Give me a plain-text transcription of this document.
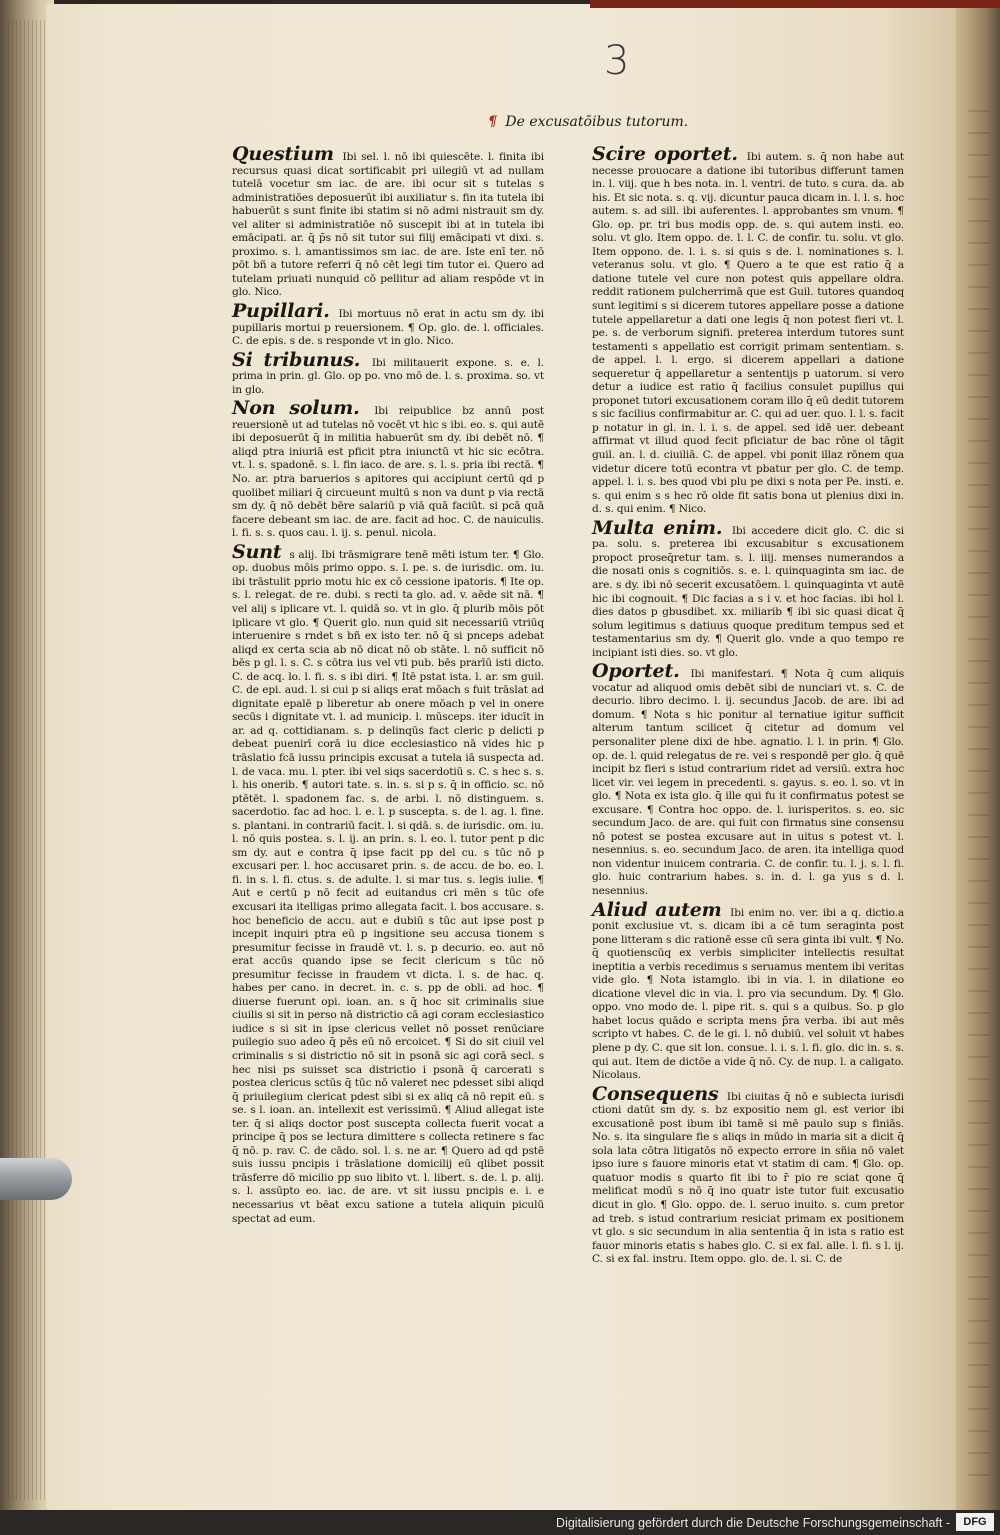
3
¶ De excusatōibus tutorum.

Questium Ibi sel. l. nō ibi quiescēte. l. finita ibi recursus quasi dicat sortificabit pri uilegiū vt ad nullam tutelā vocetur sm iac. de are. ibi ocur sit s tutelas s administratiōes deposuerūt ibi auxiliatur s. fin ita tutela ibi habuerūt s sunt finite ibi statim si nō admi nistrauit sm dy. vel aliter si administratiōe nō suscepit ibi at in tutela ibi emācipati. ar. q̄ p̄s nō sit tutor sui filij emācipati vt dixi. s. proximo. s. l. amantissimos sm iac. de are. Iste enī ter. nō pōt bñ a tutore referri q̄ nō cēt legi tim tutor ei. Quero ad tutelam priuati nunquid cō pellitur ad aliam respōde vt in glo. Nico.

Pupillari. Ibi mortuus nō erat in actu sm dy. ibi pupillaris mortui p reuersionem. ¶ Op. glo. de. l. officiales. C. de epis. s de. s responde vt in glo. Nico.

Si tribunus. Ibi militauerit expone. s. e. l. prima in prin. gl. Glo. op po. vno mō de. l. s. proxima. so. vt in glo.

Non solum. Ibi reipublice bz annū post reuersionē ut ad tutelas nō vocēt vt hic s ibi. eo. s. qui autē ibi deposuerūt q̄ in militia habuerūt sm dy. ibi debēt nō. ¶ aliqd ptra iniuriā est pficit ptra iniunctū vt hic sic ecōtra. vt. l. s. spadonē. s. l. fin iaco. de are. s. l. s. pria ibi rectā. ¶ No. ar. ptra baruerios s apitores qui accipiunt certū qd p quolibet miliari q̄ circueunt multū s non va dunt p via rectā sm dy. q̄ nō debēt bēre salariū p viā quā faciūt. si pcā quā facere debeant sm iac. de are. facit ad hoc. C. de nauiculis. l. fi. s. s. quos cau. l. ij. s. penul. nicola.

Sunt s alij. Ibi trāsmigrare tenē mēti istum ter. ¶ Glo. op. duobus mōis primo oppo. s. l. pe. s. de iurisdic. om. iu. ibi trāstulit pprio motu hic ex cō cessione ipatoris. ¶ Ite op. s. l. relegat. de re. dubi. s recti ta glo. ad. v. aēde sit nā. ¶ vel alij s iplicare vt. l. quidā so. vt in glo. q̄ plurib mōis pōt iplicare vt glo. ¶ Querit glo. nun quid sit necessariū vtriūq interuenire s rndet s bñ ex isto ter. nō q̄ si pnceps adebat aliqd ex certa scia ab nō dicat nō ob stāte. l. nō sufficit nō bēs p gl. l. s. C. s cōtra ius vel vti pub. bēs prarīū isti dicto. C. de acq. lo. l. fi. s. s ibi diri. ¶ Itē pstat ista. l. ar. sm guil. C. de epi. aud. l. si cui p si aliqs erat mōach s fuit trāslat ad dignitate epalē p liberetur ab onere mōach p vel in onere secūs i dignitate vt. l. ad municip. l. mūsceps. iter iducīt in ar. ad q. cottidianam. s. p delinqūs fact cleric p delicti p debeat puenirī corā iu dice ecclesiastico nā vides hic p trāslatio fcā iussu principis excusat a tutela iā suspecta ad. l. de vaca. mu. l. pter. ibi vel siqs sacerdotiū s. C. s hec s. s. l. his onerib. ¶ autori tate. s. in. s. si p s. q̄ in officio. sc. nō ptētēt. l. spadonem fac. s. de arbi. l. nō distinguem. s. sacerdotio. fac ad hoc. l. e. l. p suscepta. s. de l. ag. l. fine. s. plantani. in contrariū facit. l. si qdā. s. de iurisdic. om. iu. l. nō quis postea. s. l. ij. an prin. s. l. eo. l. tutor pent p dic sm dy. aut e contra q̄ ipse facit pp del cu. s tūc nō p excusari per. l. hoc accusaret prin. s. de accu. de bo. eo. l. fi. in s. l. fi. ctus. s. de adulte. l. si mar tus. s. legis iulie. ¶ Aut e certū p nō fecit ad euitandus cri mēn s tūc ofe excusari ita itelligas primo allegata facit. l. bos accusare. s. hoc beneficio de accu. aut e dubiū s tūc aut ipse post p incepit inquiri ptra eū p ingsitione seu accusa tionem s presumitur fecisse in fraudē vt. l. s. p decurio. eo. aut nō erat accūs quando ipse se fecit clericum s tūc nō presumitur fecisse in fraudem vt dicta. l. s. de hac. q. habes per cano. in decret. in. c. s. pp de obli. ad hoc. ¶ diuerse fuerunt opi. ioan. an. s q̄ hoc sit criminalis siue ciuilis si sit in perso nā districtio cā agi coram ecclesiastico iudice s si sit in ipse clericus vellet nō posset renūciare puilegio suo adeo q̄ pēs eū nō ercoicet. ¶ Si do sit ciuil vel criminalis s si districtio nō sit in psonā sic agi corā secl. s hec nisi ps suisset sca districtio i psonā q̄ carcerati s postea clericus sctūs q̄ tūc nō valeret nec pdesset sibi aliqd q̄ priuilegium clericat pdest sibi si ex aliq cā nō repit eū. s se. s l. ioan. an. intellexit est verissimū. ¶ Aliud allegat iste ter. q̄ si aliqs doctor post suscepta collecta fuerit vocat a principe q̄ pos se lectura dimittere s collecta retinere s fac q̄ nō. p. rav. C. de cādo. sol. l. s. ne ar. ¶ Quero ad qd pstē suis iussu pncipis i trāslatione domicilij eū qlibet possit trāsferre dō micilio pp suo libito vt. l. libert. s. de. l. p. alij. s. l. assūpto eo. iac. de are. vt sit iussu pncipis e. i. e necessarius vt bēat excu satione a tutela aliquin piculū spectat ad eum.

Scire oportet. Ibi autem. s. q̄ non habe aut necesse prouocare a datione ibi tutoribus differunt tamen in. l. viij. que h bes nota. in. l. ventri. de tuto. s cura. da. ab his. Et sic nota. s. q. vij. dicuntur pauca dicam in. l. l. s. hoc autem. s. ad sill. ibi auferentes. l. approbantes sm vnum. ¶ Glo. op. pr. tri bus modis opp. de. s. qui autem insti. eo. solu. vt glo. Item oppo. de. l. l. C. de confir. tu. solu. vt glo. Item oppono. de. l. i. s. si quis s de. l. nominationes s. l. veteranus solu. vt glo. ¶ Quero a te que est ratio q̄ a datione tutele vel cure non potest quis appellare oldra. reddit rationem pulcherrimā que est Guil. tutores quandoq sunt legitimi s si dicerem tutores appellare posse a datione tutele appellaretur a dati one legis q̄ non potest fieri vt. l. pe. s. de verborum signifi. preterea interdum tutores sunt testamenti s appellatio est corrigit primam sententiam. s. de appel. l. l. ergo. si dicerem appellari a datione sequeretur q̄ appellaretur a sententijs p uatorum. si vero detur a iudice est ratio q̄ facilius consulet pupillus qui proponet tutori excusationem coram illo q̄ eū dedit tutorem s sic facilius confirmabitur ar. C. qui ad uer. quo. l. l. s. facit p notatur in gl. in. l. i. s. de appel. sed idē uer. debeant affirmat vt illud quod fecit pficiatur de bac rōne ol tāgit guil. an. l. d. ciuiliā. C. de appel. vbi ponit illaz rōnem qua videtur dicere totū econtra vt pbatur per glo. C. de temp. appel. l. i. s. bes quod vbi plu pe dixi s nota per Pe. insti. e. s. qui enim s s hec rō olde fit satis bona ut plenius dixi in. d. s. qui enim. ¶ Nico.

Multa enim. Ibi accedere dicit glo. C. dic si pa. solu. s. preterea ibi excusabitur s excusationem propoct proseq̄retur tam. s. l. iiij. menses numerandos a die nosati onis s cognitiōs. s. e. l. quinquaginta sm iac. de are. s dy. ibi nō secerit excusatōem. l. quinquaginta vt autē hic ibi cognouit. ¶ Dic facias a s i v. et hoc facias. ibi hol l. dies datos p gbusdibet. xx. miliarib ¶ ibi sic quasi dicat q̄ solum legitimus s datiuus quoque preditum tempus sed et testamentarius sm dy. ¶ Querit glo. vnde a quo tempo re incipiant isti dies. so. vt glo.

Oportet. Ibi manifestari. ¶ Nota q̄ cum aliquis vocatur ad aliquod omis debēt sibi de nunciari vt. s. C. de decurio. libro decimo. l. ij. secundus Jacob. de are. ibi ad domum. ¶ Nota s hic ponitur al ternatiue igitur sufficit alterum tantum scilicet q̄ citetur ad domum vel personaliter plene dixi de hbe. agnatio. l. l. in prin. ¶ Glo. op. de. l. quid relegatus de re. vei s respondē per glo. q̄ quē incipit bz fieri s istud contrarium ridet ad versiū. extra hoc licet vir. vei legem in precedenti. s. gayus. s. eo. l. so. vt in glo. ¶ Nota ex ista glo. q̄ ille qui fu it confirmatus potest se excusare. ¶ Contra hoc oppo. de. l. iurisperitos. s. eo. sic secundum Jaco. de are. qui fuit con firmatus sine consensu nō potest se postea excusare aut in uitus s potest vt. l. nesennius. s. eo. secundum Jaco. de aren. ita intelliga quod non videntur inuicem contraria. C. de confir. tu. l. j. s. l. fi. glo. huic contrarium habes. s. in. d. l. ga yus s d. l. nesennius.

Aliud autem Ibi enim no. ver. ibi a q. dictio.a ponit exclusiue vt. s. dicam ibi a cē tum seraginta post pone litteram s dic rationē esse cū sera ginta ibi vult. ¶ No. q̄ quotienscūq ex verbis simpliciter intellectis resultat ineptitia a verbis recedimus s seruamus mentem ibi veritas vide glo. ¶ Nota istamglo. ibi in via. l. in dilatione eo dicatione vlevel dic in via. l. pro via secundum. Dy. ¶ Glo. oppo. vno modo de. l. pipe rit. s. qui s a quibus. So. p glo habet locus quādo e scripta mens p̄ra verba. ibi aut mēs scripto vt habes. C. de le gi. l. nō dubiū. vel soluit vt habes plene p dy. C. que sit lon. consue. l. i. s. l. fi. glo. dic in. s. s. qui aut. Item de dictōe a vide q̄ nō. Cy. de nup. l. a caligato. Nicolaus.

Consequens Ibi ciuitas q̄ nō e subiecta iurisdi ctioni datūt sm dy. s. bz expositio nem gl. est verior ibi excusationē post ibum ibi tamē si mē paulo sup s finiās. No. s. ita singulare fie s aliqs in mūdo in maria sit a dicit q̄ sola lata cōtra litigatōs nō expecto errore in sñia nō valet ipso iure s fauore minoris etat vt statim di cam. ¶ Glo. op. quatuor modis s quarto fit ibi to r̄ pio re sciat qone q̄ melificat modū s nō q̄ ino quatr iste tutor fuit excusatio dicut in glo. ¶ Glo. oppo. de. l. seruo inuito. s. cum pretor ad treb. s istud contrarium resiciat primam ex positionem vt glo. s sic secundum in alia sententia q̄ in ista s ratio est fauor minoris etatis s habes glo. C. si ex fal. alle. l. fi. s l. ij. C. si ex fal. instru. Item oppo. glo. de. l. si. C. de

Digitalisierung gefördert durch die Deutsche Forschungsgemeinschaft -	DFG
